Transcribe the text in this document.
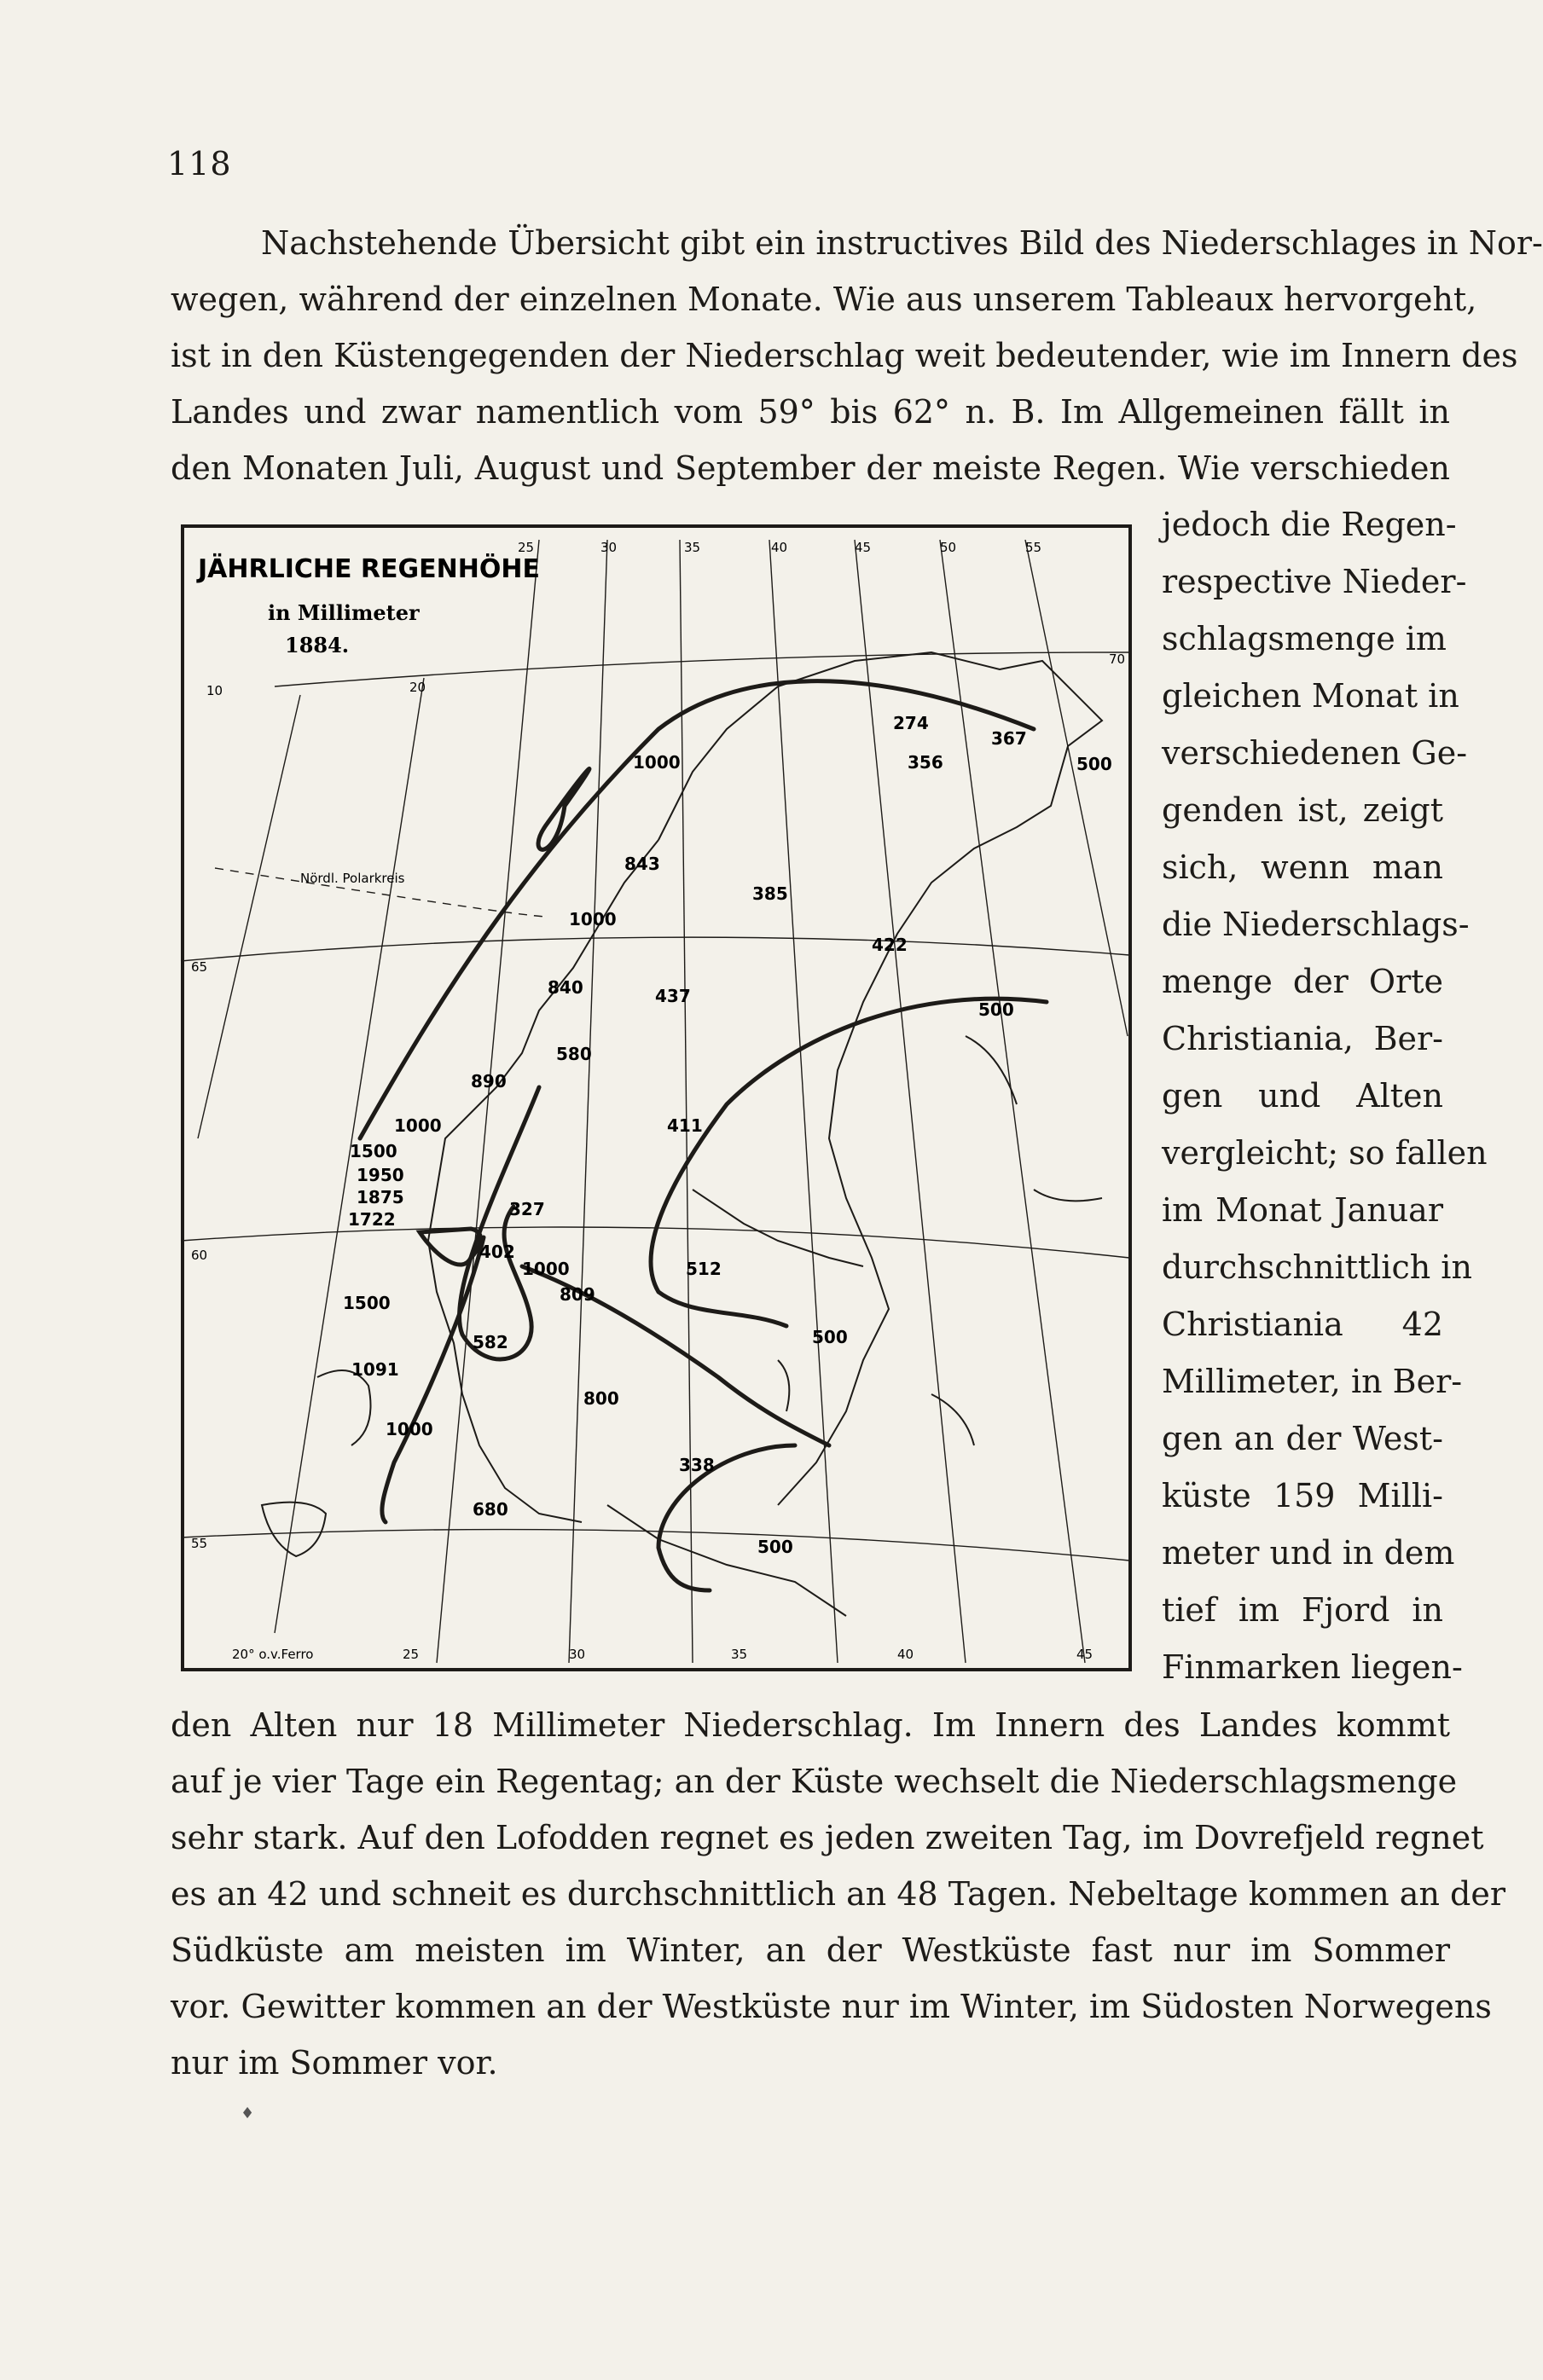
118
Nachstehende Übersicht gibt ein instructives Bild des Niederschlages in Nor-
wegen, während der einzelnen Monate. Wie aus unserem Tableaux hervorgeht,
ist in den Küstengegenden der Niederschlag weit bedeutender, wie im Innern des
Landes und zwar namentlich vom 59° bis 62° n. B. Im Allgemeinen fällt in
den Monaten Juli, August und September der meiste Regen. Wie verschieden
JÄHRLICHE REGENHÖHE
in Millimeter
1884.
Nördl. Polarkreis
25	30	35	40	45	50	55
10	20
70
65
60
55
20° o.v.Ferro	25	30	35	40	45
1000
274
367
500
356
843
385
1000
422
840	437
500
580
890
1000
1500
1950
1875
1722
411
327
402
1000
809
512
1500
582	500
1091
800
1000
338
680
500
jedoch die Regen-
respective Nieder-
schlagsmenge im
gleichen Monat in
verschiedenen Ge-
genden ist, zeigt
sich, wenn man
die Niederschlags-
menge der Orte
Christiania, Ber-
gen und Alten
vergleicht; so fallen
im Monat Januar
durchschnittlich in
Christiania 42
Millimeter, in Ber-
gen an der West-
küste 159 Milli-
meter und in dem
tief im Fjord in
Finmarken liegen-
den Alten nur 18 Millimeter Niederschlag. Im Innern des Landes kommt
auf je vier Tage ein Regentag; an der Küste wechselt die Niederschlagsmenge
sehr stark. Auf den Lofodden regnet es jeden zweiten Tag, im Dovrefjeld regnet
es an 42 und schneit es durchschnittlich an 48 Tagen. Nebeltage kommen an der
Südküste am meisten im Winter, an der Westküste fast nur im Sommer
vor. Gewitter kommen an der Westküste nur im Winter, im Südosten Norwegens
nur im Sommer vor.
♦
